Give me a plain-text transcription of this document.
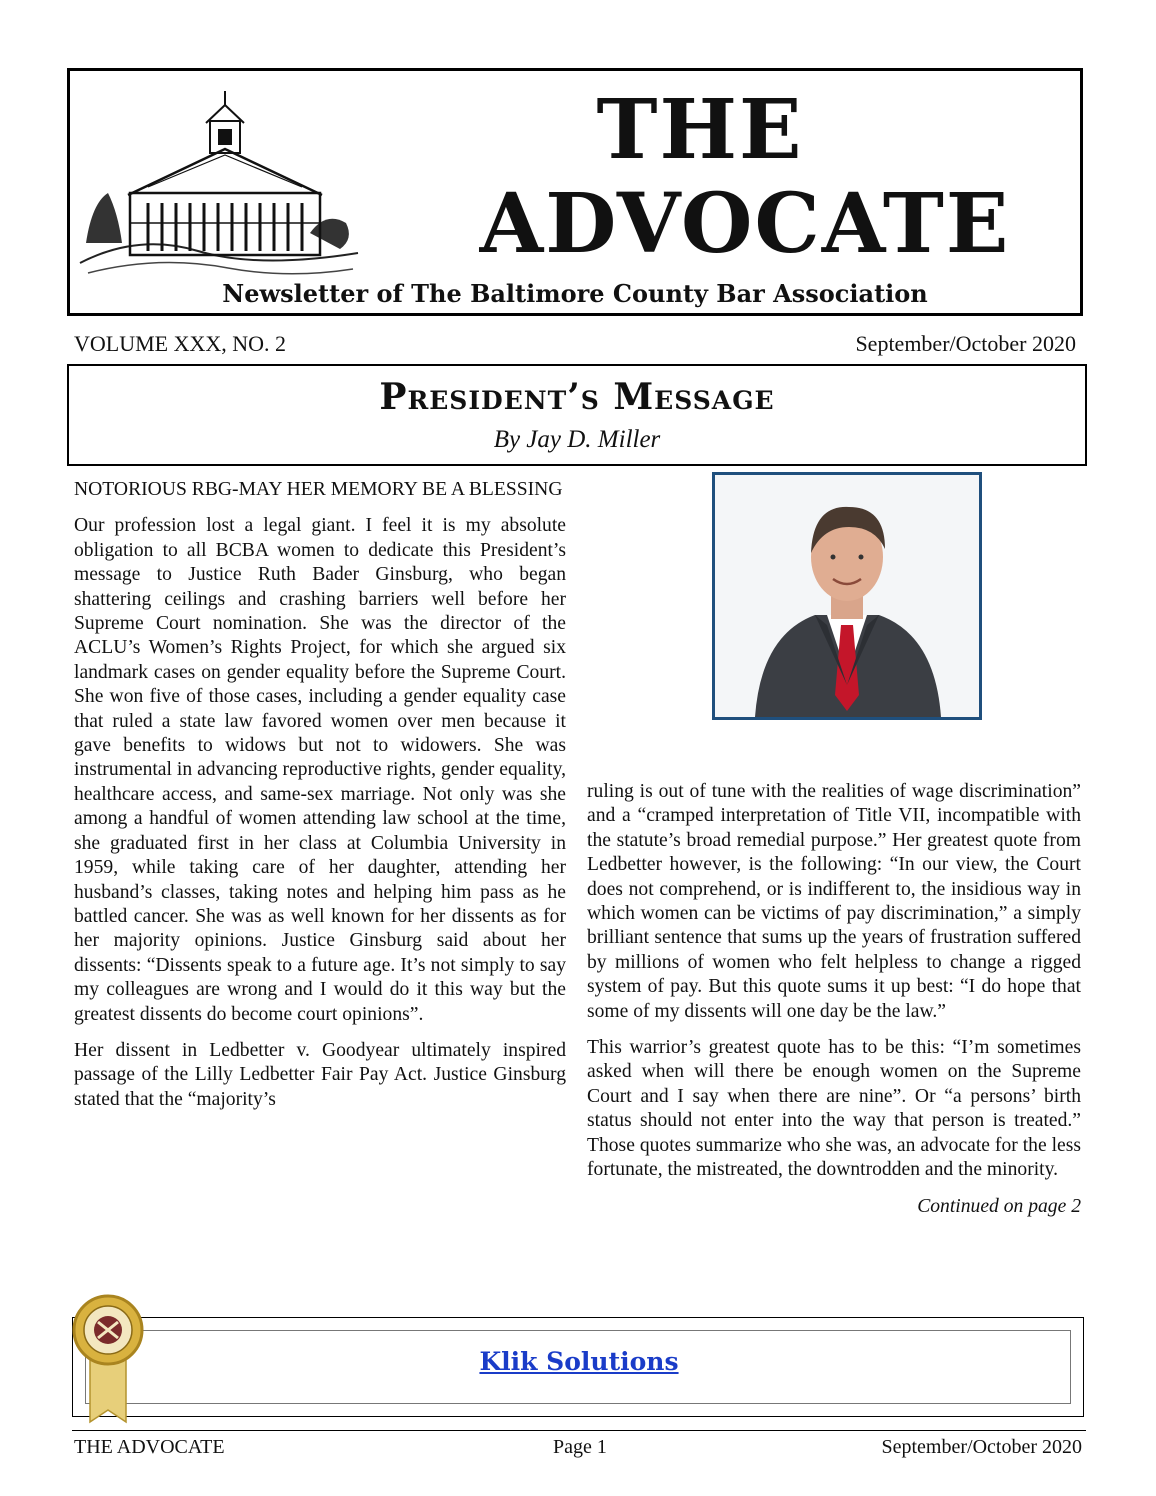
THE
ADVOCATE
Newsletter of The Baltimore County Bar Association
VOLUME XXX, NO. 2	September/October 2020
President’s Message
By Jay D. Miller

NOTORIOUS RBG-MAY HER MEMORY BE A BLESSING

Our profession lost a legal giant. I feel it is my absolute obligation to all BCBA women to dedicate this President’s message to Justice Ruth Bader Ginsburg, who began shattering ceilings and crashing barriers well before her Supreme Court nomination. She was the director of the ACLU’s Women’s Rights Project, for which she argued six landmark cases on gender equality before the Supreme Court. She won five of those cases, including a gender equality case that ruled a state law favored women over men because it gave benefits to widows but not to widowers. She was instrumental in advancing reproductive rights, gender equality, healthcare access, and same-sex marriage. Not only was she among a handful of women attending law school at the time, she graduated first in her class at Columbia University in 1959, while taking care of her daughter, attending her husband’s classes, taking notes and helping him pass as he battled cancer. She was as well known for her dissents as for her majority opinions. Justice Ginsburg said about her dissents: “Dissents speak to a future age. It’s not simply to say my colleagues are wrong and I would do it this way but the greatest dissents do become court opinions”.

Her dissent in Ledbetter v. Goodyear ultimately inspired passage of the Lilly Ledbetter Fair Pay Act. Justice Ginsburg stated that the “majority’s

ruling is out of tune with the realities of wage discrimination” and a “cramped interpretation of Title VII, incompatible with the statute’s broad remedial purpose.” Her greatest quote from Ledbetter however, is the following: “In our view, the Court does not comprehend, or is indifferent to, the insidious way in which women can be victims of pay discrimination,” a simply brilliant sentence that sums up the years of frustration suffered by millions of women who felt helpless to change a rigged system of pay. But this quote sums it up best: “I do hope that some of my dissents will one day be the law.”

This warrior’s greatest quote has to be this: “I’m sometimes asked when will there be enough women on the Supreme Court and I say when there are nine”. Or “a persons’ birth status should not enter into the way that person is treated.” Those quotes summarize who she was, an advocate for the less fortunate, the mistreated, the downtrodden and the minority.

Continued on page 2
Klik Solutions
THE ADVOCATE	Page 1	September/October 2020
